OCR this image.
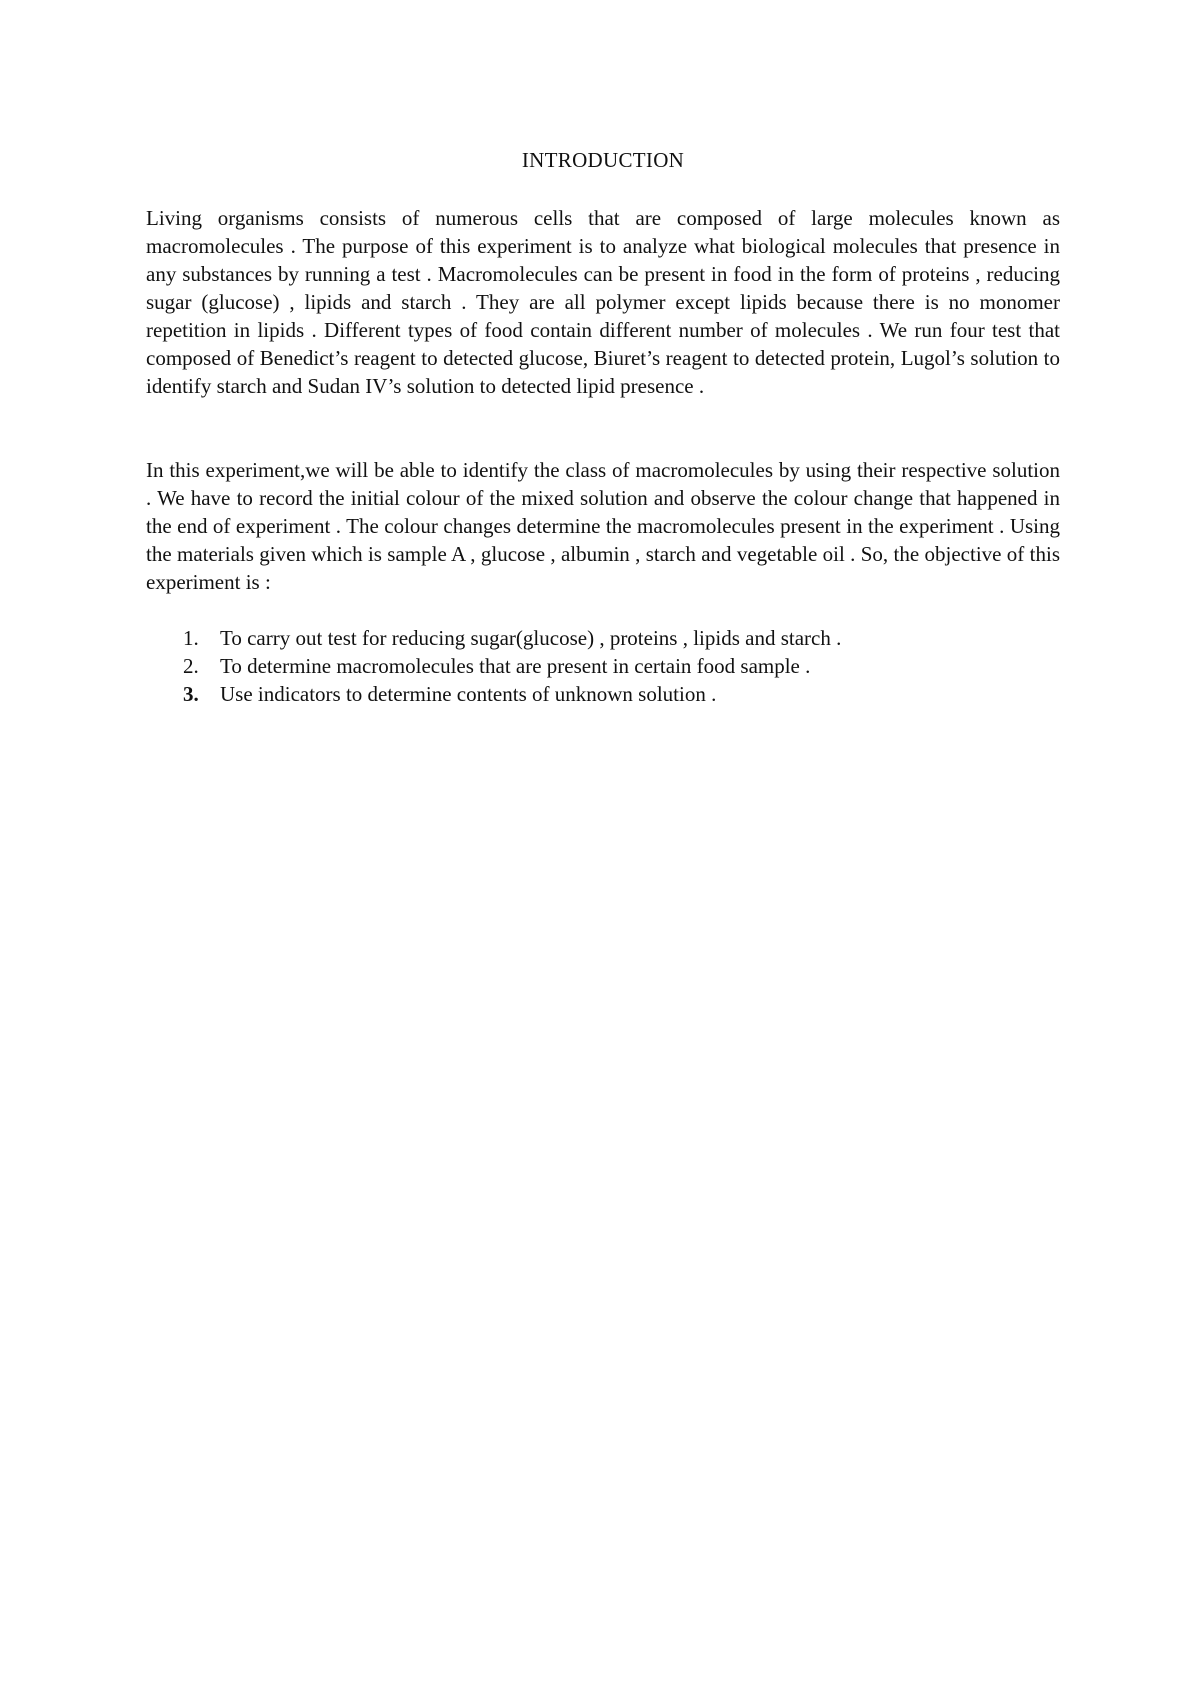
INTRODUCTION

Living organisms consists of numerous cells that are composed of large molecules known as macromolecules . The purpose of this experiment is to analyze what biological molecules that presence in any substances by running a test . Macromolecules can be present in food in the form of proteins , reducing sugar (glucose) , lipids and starch . They are all polymer except lipids because there is no monomer repetition in lipids . Different types of food contain different number of molecules . We run four test that composed of Benedict’s reagent to detected glucose, Biuret’s reagent to detected protein, Lugol’s solution to identify starch and Sudan IV’s solution to detected lipid presence .

In this experiment,we will be able to identify the class of macromolecules by using their respective solution . We have to record the initial colour of the mixed solution and observe the colour change that happened in the end of experiment . The colour changes determine the macromolecules present in the experiment . Using the materials given which is sample A , glucose , albumin , starch and vegetable oil . So, the objective of this experiment is :

1.	To carry out test for reducing sugar(glucose) , proteins , lipids and starch .
2.	To determine macromolecules that are present in certain food sample .
3.	Use indicators to determine contents of unknown solution .
